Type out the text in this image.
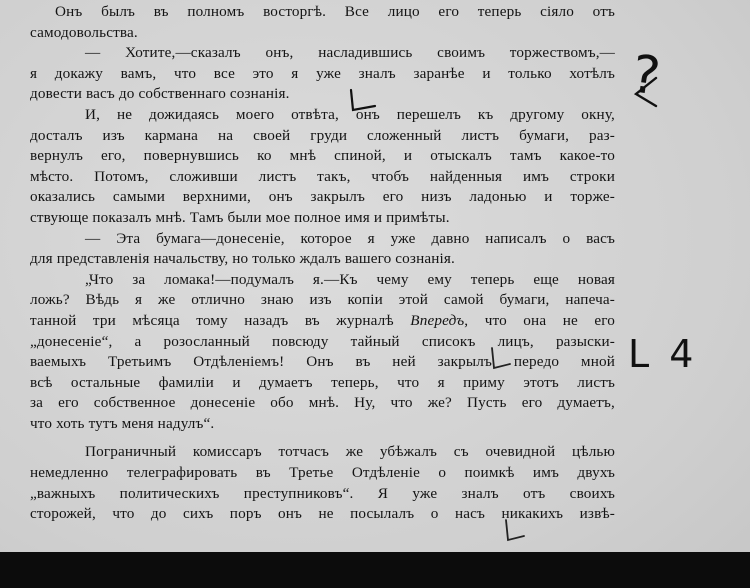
Онъ былъ въ полномъ восторгѣ. Все лицо его теперь сіяло отъ
самодовольства.
— Хотите,—сказалъ онъ, насладившись своимъ торжествомъ,—
я докажу вамъ, что все это я уже зналъ заранѣе и только хотѣлъ
довести васъ до собственнаго сознанія.
И, не дожидаясь моего отвѣта, онъ перешелъ къ другому окну,
досталъ изъ кармана на своей груди сложенный листъ бумаги, раз-
вернулъ его, повернувшись ко мнѣ спиной, и отыскалъ тамъ какое-то
мѣсто. Потомъ, сложивши листъ такъ, чтобъ найденныя имъ строки
оказались самыми верхними, онъ закрылъ его низъ ладонью и торже-
ствующе показалъ мнѣ. Тамъ были мое полное имя и примѣты.
— Эта бумага—донесеніе, которое я уже давно написалъ о васъ
для представленія начальству, но только ждалъ вашего сознанія.
„Что за ломака!—подумалъ я.—Къ чему ему теперь еще новая
ложь? Вѣдь я же отлично знаю изъ копіи этой самой бумаги, напеча-
танной три мѣсяца тому назадъ въ журналѣ Впередъ, что она не его
„донесеніе“, а розосланный повсюду тайный списокъ лицъ, разыски-
ваемыхъ Третьимъ Отдѣленіемъ! Онъ въ ней закрылъ передо мной
всѣ остальные фамиліи и думаетъ теперь, что я приму этотъ листъ
за его собственное донесеніе обо мнѣ. Ну, что же? Пусть его думаетъ,
что хоть тутъ меня надулъ“.
Пограничный комиссаръ тотчасъ же убѣжалъ съ очевидной цѣлью
немедленно телеграфировать въ Третье Отдѣленіе о поимкѣ имъ двухъ
„важныхъ политическихъ преступниковъ“. Я уже зналъ отъ своихъ
сторожей, что до сихъ поръ онъ не посылалъ о насъ никакихъ извѣ-
?
L 4
